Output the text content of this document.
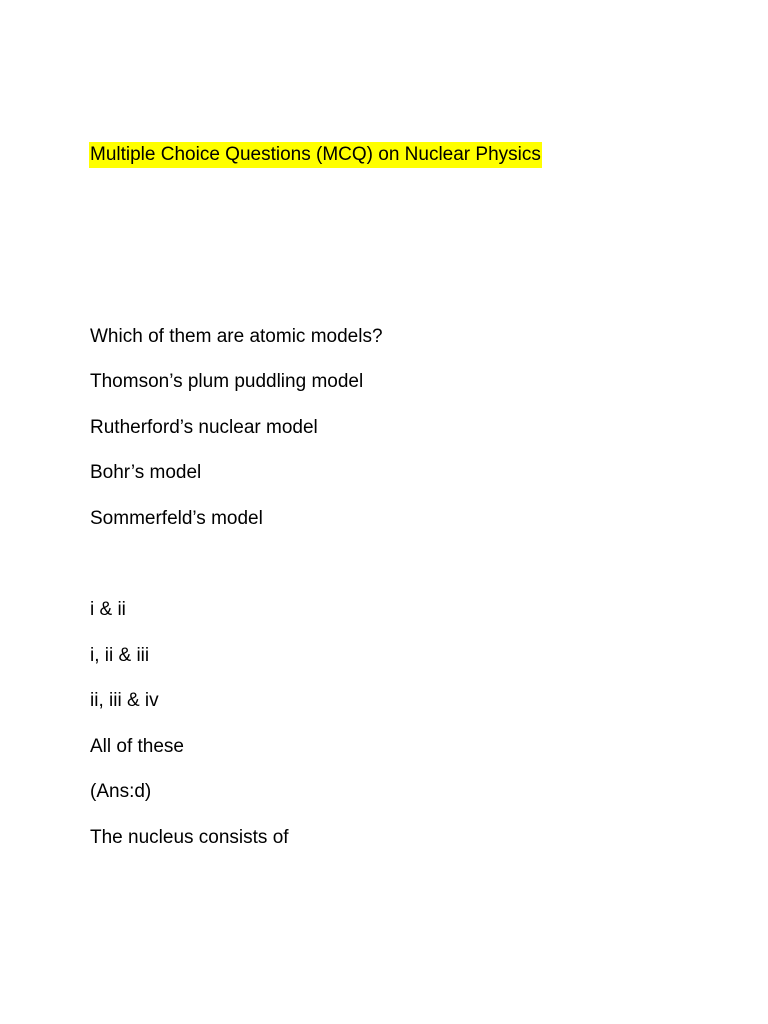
Multiple Choice Questions (MCQ) on Nuclear Physics
Which of them are atomic models?
Thomson’s plum puddling model
Rutherford’s nuclear model
Bohr’s model
Sommerfeld’s model
i & ii
i, ii & iii
ii, iii & iv
All of these
(Ans:d)
The nucleus consists of
